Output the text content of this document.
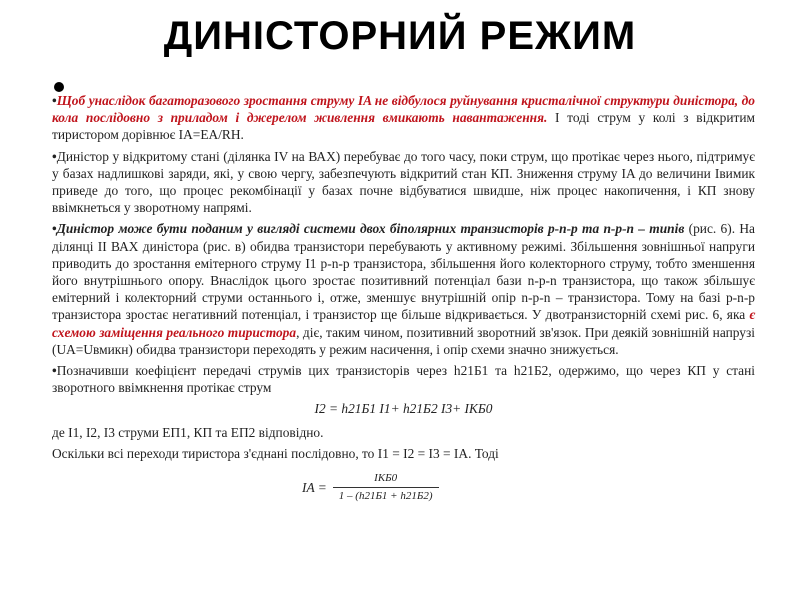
ДИНІСТОРНИЙ РЕЖИМ

•Щоб унаслідок багаторазового зростання струму IA не відбулося руйнування кристалічної структури диністора, до кола послідовно з приладом і джерелом живлення вмикають навантаження. І тоді струм у колі з відкритим тиристором дорівнює IA=EA/RH.

•Диністор у відкритому стані (ділянка IV на ВАХ) перебуває до того часу, поки струм, що протікає через нього, підтримує у базах надлишкові заряди, які, у свою чергу, забезпечують відкритий стан КП. Зниження струму IA до величини Iвимик приведе до того, що процес рекомбінації у базах почне відбуватися швидше, ніж процес накопичення, і КП знову ввімкнеться у зворотному напрямі.

•Диністор може бути поданим у вигляді системи двох біполярних транзисторів p-n-p та n-p-n – типів (рис. 6). На ділянці II ВАХ диністора (рис. в) обидва транзистори перебувають у активному режимі. Збільшення зовнішньої напруги приводить до зростання емітерного струму I1 p-n-p транзистора, збільшення його колекторного струму, тобто зменшення його внутрішнього опору. Внаслідок цього зростає позитивний потенціал бази n-p-n транзистора, що також збільшує емітерний і колекторний струми останнього і, отже, зменшує внутрішній опір n-p-n – транзистора. Тому на базі p-n-p транзистора зростає негативний потенціал, і транзистор ще більше відкривається. У двотранзисторній схемі рис. 6, яка є схемою заміщення реального тиристора, діє, таким чином, позитивний зворотний зв'язок. При деякій зовнішній напрузі (UA=Uвмикн) обидва транзистори переходять у режим насичення, і опір схеми значно знижується.

•Позначивши коефіцієнт передачі струмів цих транзисторів через h21Б1 та h21Б2, одержимо, що через КП у стані зворотного ввімкнення протікає струм

I2 = h21Б1 I1+ h21Б2 I3+ IКБ0

де I1, I2, I3 струми ЕП1, КП та ЕП2 відповідно.

Оскільки всі переходи тиристора з'єднані послідовно, то I1 = I2 = I3 = IA. Тоді

IA = $\frac{\text{IКБ0}}{1 - (h21Б1 + h21Б2)}$
